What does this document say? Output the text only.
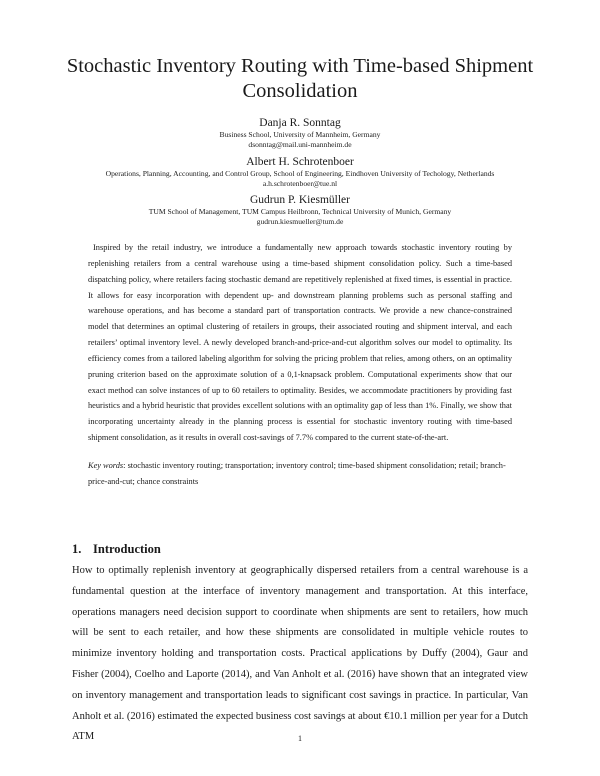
Stochastic Inventory Routing with Time-based Shipment Consolidation
Danja R. Sonntag
Business School, University of Mannheim, Germany
dsonntag@mail.uni-mannheim.de
Albert H. Schrotenboer
Operations, Planning, Accounting, and Control Group, School of Engineering, Eindhoven University of Techology, Netherlands
a.h.schrotenboer@tue.nl
Gudrun P. Kiesmüller
TUM School of Management, TUM Campus Heilbronn, Technical University of Munich, Germany
gudrun.kiesmueller@tum.de

Inspired by the retail industry, we introduce a fundamentally new approach towards stochastic inventory routing by replenishing retailers from a central warehouse using a time-based shipment consolidation policy. Such a time-based dispatching policy, where retailers facing stochastic demand are repetitively replenished at fixed times, is essential in practice. It allows for easy incorporation with dependent up- and downstream planning problems such as personal staffing and warehouse operations, and has become a standard part of transportation contracts. We provide a new chance-constrained model that determines an optimal clustering of retailers in groups, their associated routing and shipment interval, and each retailers’ optimal inventory level. A newly developed branch-and-price-and-cut algorithm solves our model to optimality. Its efficiency comes from a tailored labeling algorithm for solving the pricing problem that relies, among others, on an optimality pruning criterion based on the approximate solution of a 0,1-knapsack problem. Computational experiments show that our exact method can solve instances of up to 60 retailers to optimality. Besides, we accommodate practitioners by providing fast heuristics and a hybrid heuristic that provides excellent solutions with an optimality gap of less than 1%. Finally, we show that incorporating uncertainty already in the planning process is essential for stochastic inventory routing with time-based shipment consolidation, as it results in overall cost-savings of 7.7% compared to the current state-of-the-art.

Key words: stochastic inventory routing; transportation; inventory control; time-based shipment consolidation; retail; branch-price-and-cut; chance constraints

1. Introduction

How to optimally replenish inventory at geographically dispersed retailers from a central warehouse is a fundamental question at the interface of inventory management and transportation. At this interface, operations managers need decision support to coordinate when shipments are sent to retailers, how much will be sent to each retailer, and how these shipments are consolidated in multiple vehicle routes to minimize inventory holding and transportation costs. Practical applications by Duffy (2004), Gaur and Fisher (2004), Coelho and Laporte (2014), and Van Anholt et al. (2016) have shown that an integrated view on inventory management and transportation leads to significant cost savings in practice. In particular, Van Anholt et al. (2016) estimated the expected business cost savings at about €10.1 million per year for a Dutch ATM	1
